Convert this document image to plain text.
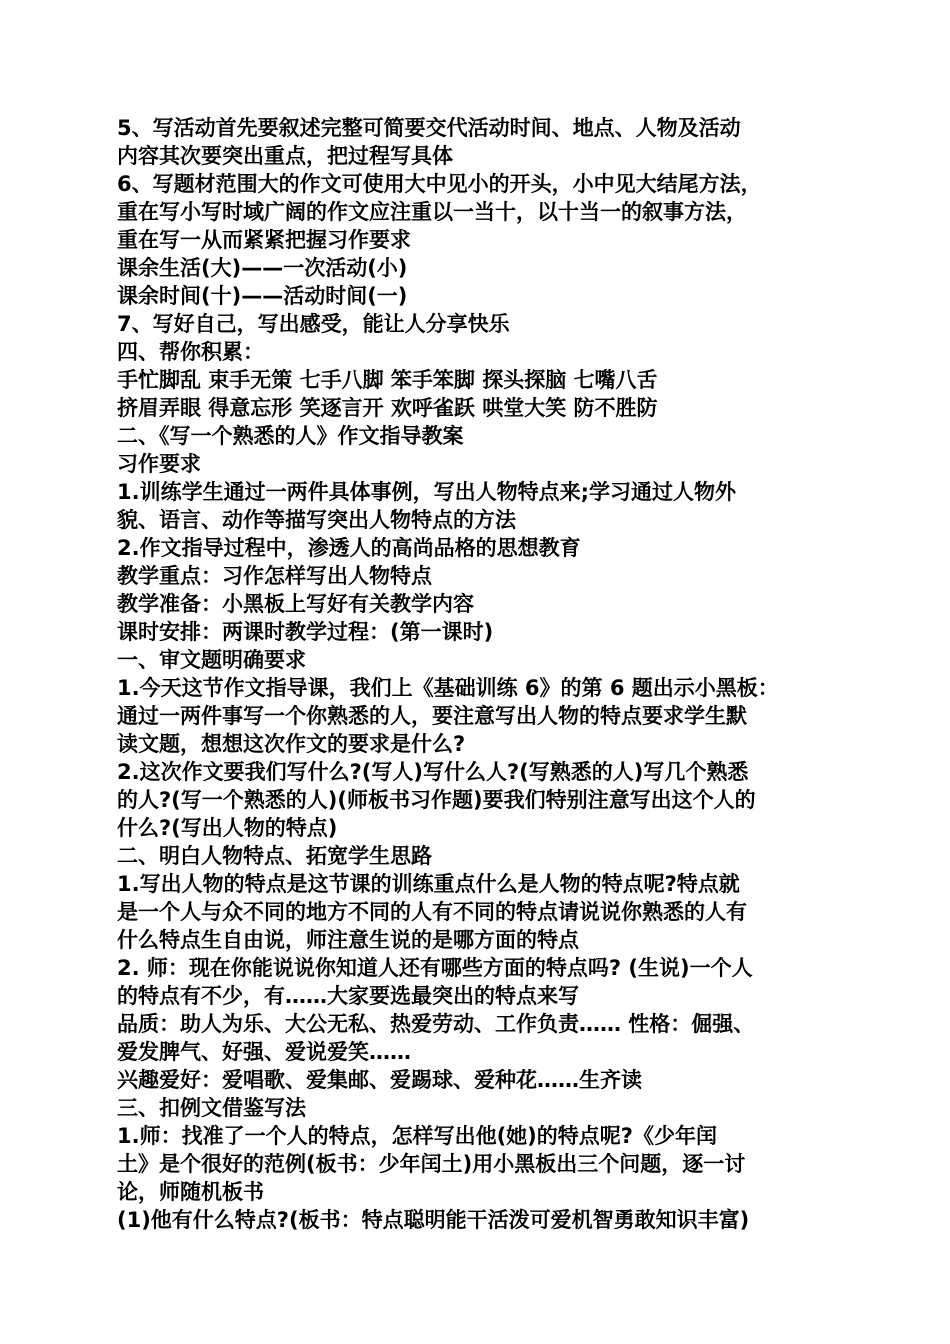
5、写活动首先要叙述完整可简要交代活动时间、地点、人物及活动
内容其次要突出重点，把过程写具体
6、写题材范围大的作文可使用大中见小的开头，小中见大结尾方法，
重在写小写时域广阔的作文应注重以一当十，以十当一的叙事方法，
重在写一从而紧紧把握习作要求
课余生活(大)——一次活动(小)
课余时间(十)——活动时间(一)
7、写好自己，写出感受，能让人分享快乐
四、帮你积累：
手忙脚乱 束手无策 七手八脚 笨手笨脚 探头探脑 七嘴八舌
挤眉弄眼 得意忘形 笑逐言开 欢呼雀跃 哄堂大笑 防不胜防
二、《写一个熟悉的人》作文指导教案
习作要求
1.训练学生通过一两件具体事例，写出人物特点来;学习通过人物外
貌、语言、动作等描写突出人物特点的方法
2.作文指导过程中，渗透人的高尚品格的思想教育
教学重点：习作怎样写出人物特点
教学准备：小黑板上写好有关教学内容
课时安排：两课时教学过程：(第一课时)
一、审文题明确要求
1.今天这节作文指导课，我们上《基础训练 6》的第 6 题出示小黑板：
通过一两件事写一个你熟悉的人，要注意写出人物的特点要求学生默
读文题，想想这次作文的要求是什么?
2.这次作文要我们写什么?(写人)写什么人?(写熟悉的人)写几个熟悉
的人?(写一个熟悉的人)(师板书习作题)要我们特别注意写出这个人的
什么?(写出人物的特点)
二、明白人物特点、拓宽学生思路
1.写出人物的特点是这节课的训练重点什么是人物的特点呢?特点就
是一个人与众不同的地方不同的人有不同的特点请说说你熟悉的人有
什么特点生自由说，师注意生说的是哪方面的特点
2. 师：现在你能说说你知道人还有哪些方面的特点吗? (生说)一个人
的特点有不少，有……大家要选最突出的特点来写
品质：助人为乐、大公无私、热爱劳动、工作负责…… 性格：倔强、
爱发脾气、好强、爱说爱笑……
兴趣爱好：爱唱歌、爱集邮、爱踢球、爱种花……生齐读
三、扣例文借鉴写法
1.师：找准了一个人的特点，怎样写出他(她)的特点呢?《少年闰
土》是个很好的范例(板书：少年闰土)用小黑板出三个问题，逐一讨
论，师随机板书
(1)他有什么特点?(板书：特点聪明能干活泼可爱机智勇敢知识丰富)
